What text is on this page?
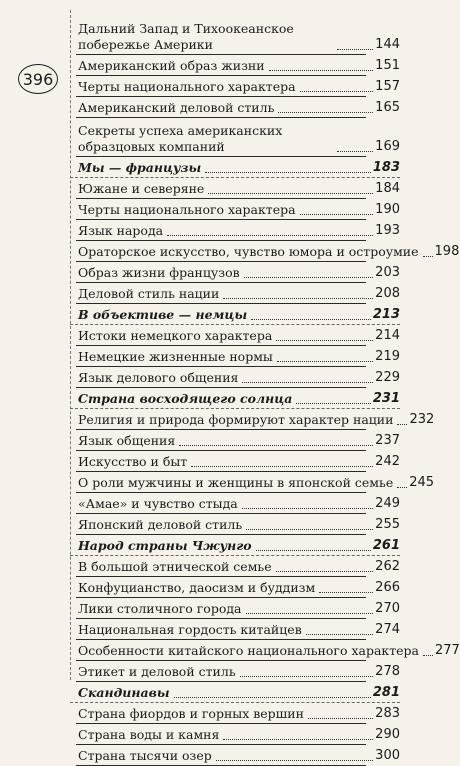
396
Дальний Запад и Тихоокеанское побережье Америки	144
Американский образ жизни	151
Черты национального характера	157
Американский деловой стиль	165
Секреты успеха американских образцовых компаний	169
Мы — французы	183
Южане и северяне	184
Черты национального характера	190
Язык народа	193
Ораторское искусство, чувство юмора и остроумие 198
Образ жизни французов	203
Деловой стиль нации	208
В объективе — немцы	213
Истоки немецкого характера	214
Немецкие жизненные нормы	219
Язык делового общения	229
Страна восходящего солнца	231
Религия и природа формируют характер нации 232
Язык общения	237
Искусство и быт	242
О роли мужчины и женщины в японской семье 245
«Амае» и чувство стыда	249
Японский деловой стиль	255
Народ страны Чжунго	261
В большой этнической семье	262
Конфуцианство, даосизм и буддизм	266
Лики столичного города	270
Национальная гордость китайцев	274
Особенности китайского национального характера 277
Этикет и деловой стиль	278
Скандинавы	281
Страна фиордов и горных вершин	283
Страна воды и камня	290
Страна тысячи озер	300
